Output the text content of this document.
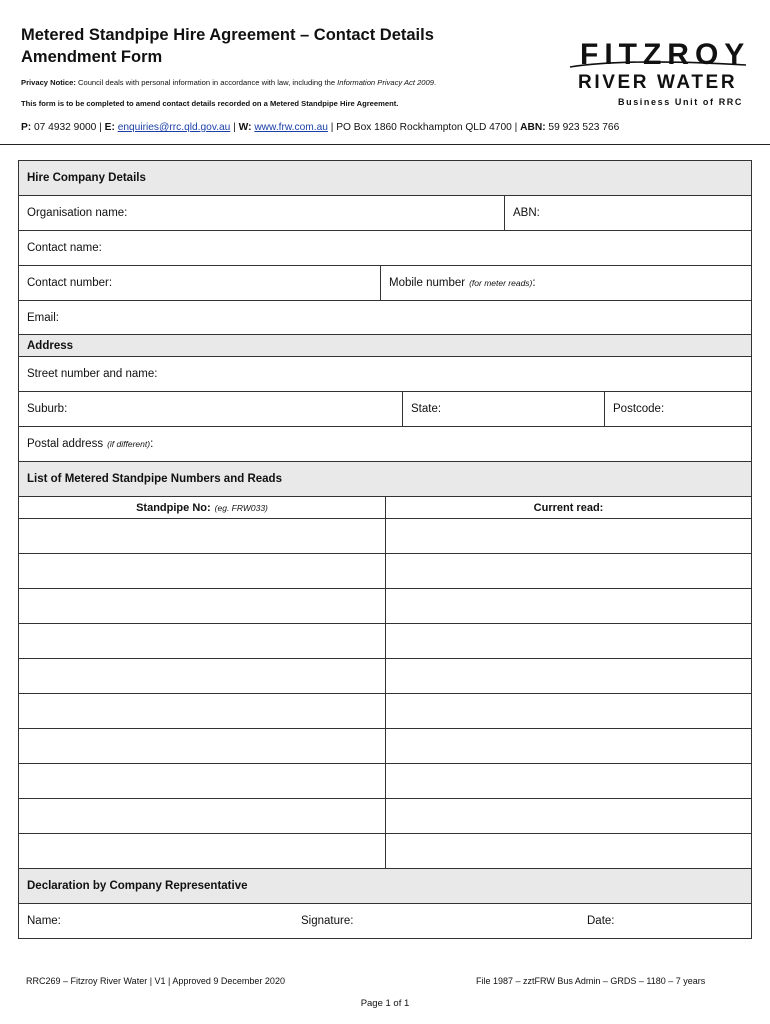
Metered Standpipe Hire Agreement – Contact Details
Amendment Form
Privacy Notice: Council deals with personal information in accordance with law, including the Information Privacy Act 2009.
This form is to be completed to amend contact details recorded on a Metered Standpipe Hire Agreement.
FITZROY
RIVER WATER
Business Unit of RRC
P: 07 4932 9000 | E: enquiries@rrc.qld.gov.au | W: www.frw.com.au | PO Box 1860 Rockhampton QLD 4700 | ABN: 59 923 523 766
Hire Company Details
Organisation name:	ABN:
Contact name:
Contact number:	Mobile number (for meter reads) :
Email:
Address
Street number and name:
Suburb:	State:	Postcode:
Postal address (if different) :
List of Metered Standpipe Numbers and Reads
Standpipe No: (eg. FRW033)	Current read:
Declaration by Company Representative
Name:	Signature:	Date:
RRC269 – Fitzroy River Water | V1 | Approved 9 December 2020	File 1987 – zztFRW Bus Admin – GRDS – 1180 – 7 years
Page 1 of 1
